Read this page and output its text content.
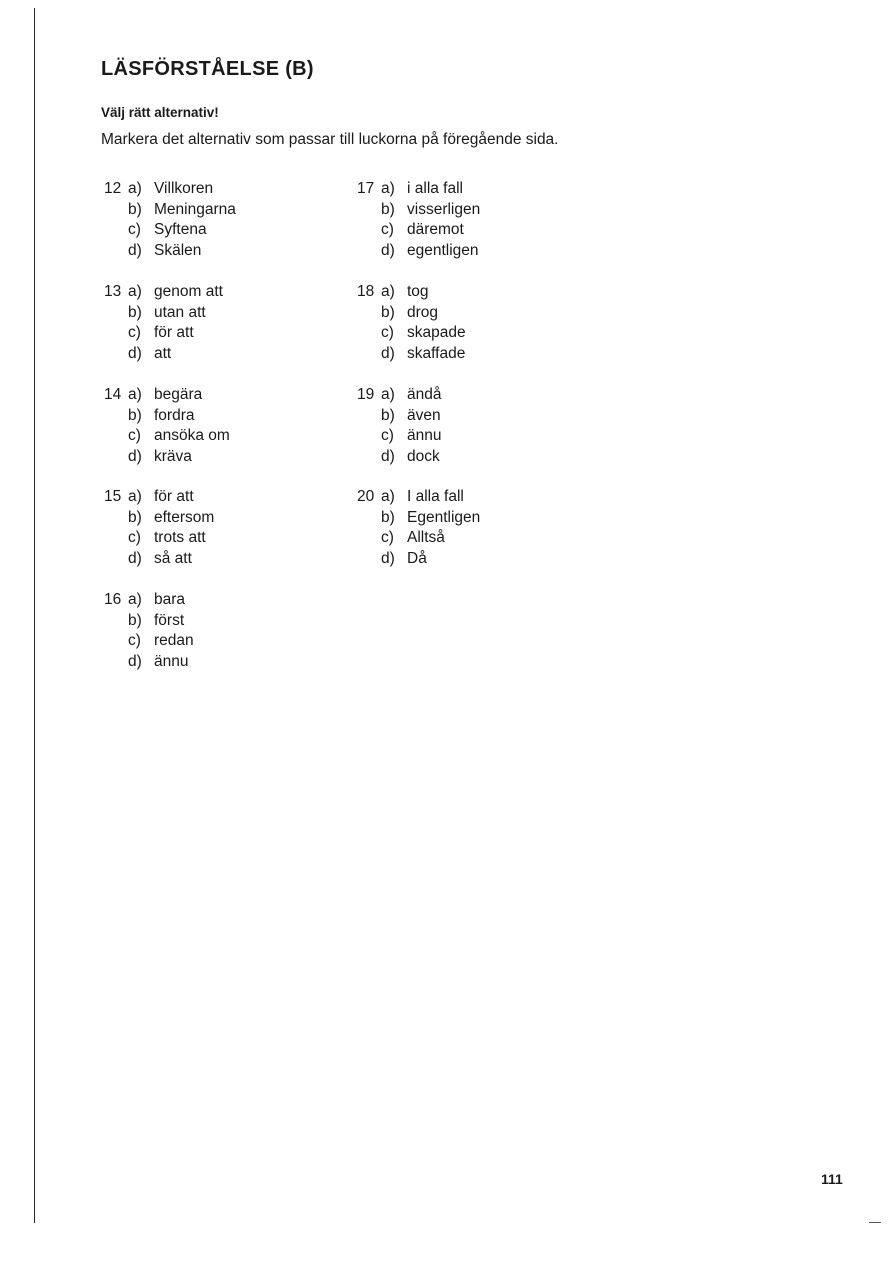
LÄSFÖRSTÅELSE (B)
Välj rätt alternativ!
Markera det alternativ som passar till luckorna på föregående sida.
12 a) Villkoren
b) Meningarna
c) Syftena
d) Skälen
13 a) genom att
b) utan att
c) för att
d) att
14 a) begära
b) fordra
c) ansöka om
d) kräva
15 a) för att
b) eftersom
c) trots att
d) så att
16 a) bara
b) först
c) redan
d) ännu
17 a) i alla fall
b) visserligen
c) däremot
d) egentligen
18 a) tog
b) drog
c) skapade
d) skaffade
19 a) ändå
b) även
c) ännu
d) dock
20 a) I alla fall
b) Egentligen
c) Alltså
d) Då
111
